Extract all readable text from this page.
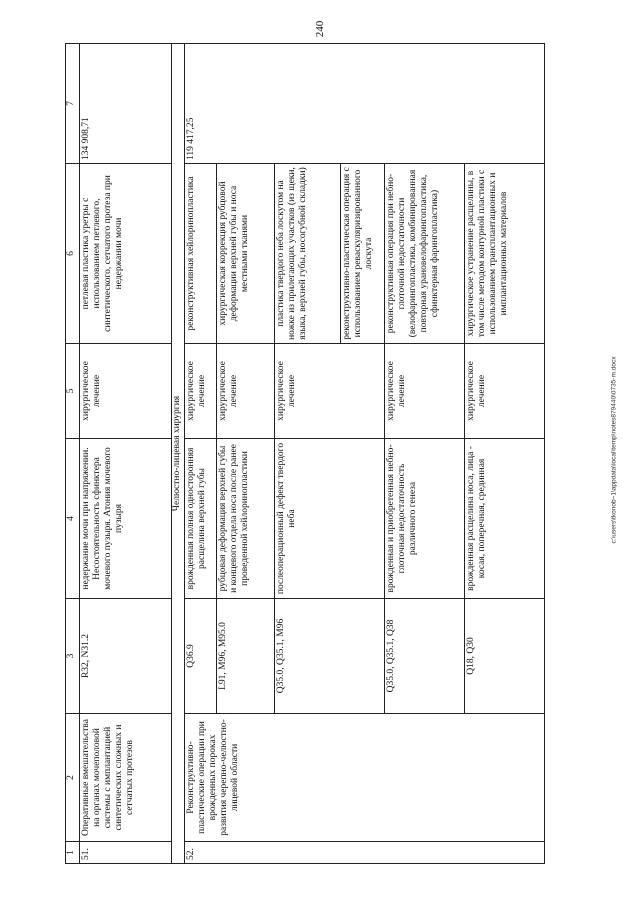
240
1	2	3	4	5	6	7
51.	Оперативные вмешательства на органах мочеполовой системы с имплантацией синтетических сложных и сетчатых протезов	R32, N31.2	недержание мочи при напряжении. Несостоятельность сфинктера мочевого пузыря. Атония мочевого пузыря	хирургическое лечение	петлевая пластика уретры с использованием петлевого, синтетического, сетчатого протеза при недержании мочи	134 908,71
Челюстно-лицевая хирургия						
52.	Реконструктивно-пластические операции при врожденных пороках развития черепно-челюстно-лицевой области	Q36.9	врожденная полная односторонняя расщелина верхней губы	хирургическое лечение	реконструктивная хейлоринопластика	119 417,25
		L91, M96, M95.0	рубцовая деформация верхней губы и концевого отдела носа после ранее проведенной хейлоринопластики	хирургическое лечение	хирургическая коррекция рубцовой деформации верхней губы и носа местными тканями	
		Q35.0, Q35.1, M96	послеоперационный дефект твердого неба	хирургическое лечение	пластика твердого неба лоскутом на ножке из прилегающих участков (из щеки, языка, верхней губы, носогубной складки)	
					реконструктивно-пластическая операция с использованием реваскуляризированного лоскута	
		Q35.0, Q35.1, Q38	врожденная и приобретенная небно-глоточная недостаточность различного генеза	хирургическое лечение	реконструктивная операция при небно-глоточной недостаточности (велофарингопластика, комбинированная повторная урановелофарингопластика, сфинктерная фарингопластика)	
		Q18, Q30	врожденная расщелина носа, лица - косая, поперечная, срединная	хирургическое лечение	хирургическое устранение расщелины, в том числе методом контурной пластики с использованием трансплантационных и имплантационных материалов	
c:\users\tkonob~1\appdata\local\temp\notes879440\0735-m.docx
